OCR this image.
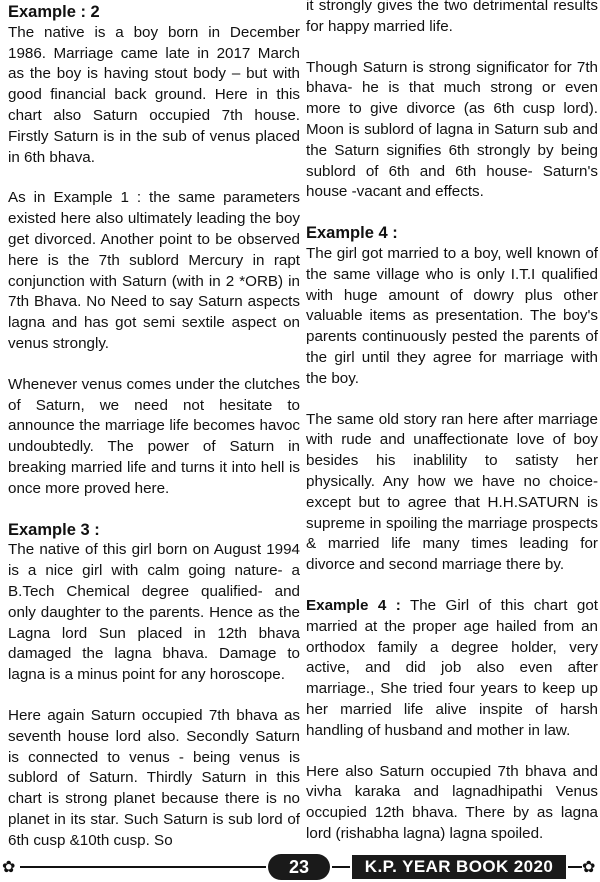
Example : 2

The native is a boy born in December 1986. Marriage came late in 2017 March as the boy is having stout body – but with good financial back ground. Here in this chart also Saturn occupied 7th house. Firstly Saturn is in the sub of venus placed in 6th bhava.

As in Example 1 : the same parameters existed here also ultimately leading the boy get divorced. Another point to be observed here is the 7th sublord Mercury in rapt conjunction with Saturn (with in 2 *ORB) in 7th Bhava. No Need to say Saturn aspects lagna and has got semi sextile aspect on venus strongly.

Whenever venus comes under the clutches of Saturn, we need not hesitate to announce the marriage life becomes havoc undoubtedly. The power of Saturn in breaking married life and turns it into hell is once more proved here.

Example 3 :

The native of this girl born on August 1994 is a nice girl with calm going nature- a B.Tech Chemical degree qualified- and only daughter to the parents. Hence as the Lagna lord Sun placed in 12th bhava damaged the lagna bhava. Damage to lagna is a minus point for any horoscope.

Here again Saturn occupied 7th bhava as seventh house lord also. Secondly Saturn is connected to venus - being venus is sublord of Saturn. Thirdly Saturn in this chart is strong planet because there is no planet in its star. Such Saturn is sub lord of 6th cusp &10th cusp. So

it strongly gives the two detrimental results for happy married life.

Though Saturn is strong significator for 7th bhava- he is that much strong or even more to give divorce (as 6th cusp lord). Moon is sublord of lagna in Saturn sub and the Saturn signifies 6th strongly by being sublord of 6th and 6th house- Saturn's house -vacant and effects.

Example 4 :

The girl got married to a boy, well known of the same village who is only I.T.I qualified with huge amount of dowry plus other valuable items as presentation. The boy's parents continuously pested the parents of the girl until they agree for marriage with the boy.

The same old story ran here after marriage with rude and unaffectionate love of boy besides his inablility to satisty her physically. Any how we have no choice- except but to agree that H.H.SATURN is supreme in spoiling the marriage prospects & married life many times leading for divorce and second marriage there by.

Example 4 : The Girl of this chart got married at the proper age hailed from an orthodox family a degree holder, very active, and did job also even after marriage., She tried four years to keep up her married life alive inspite of harsh handling of husband and mother in law.

Here also Saturn occupied 7th bhava and vivha karaka and lagnadhipathi Venus occupied 12th bhava. There by as lagna lord (rishabha lagna) lagna spoiled.

✿	23	K.P. YEAR BOOK 2020	✿
